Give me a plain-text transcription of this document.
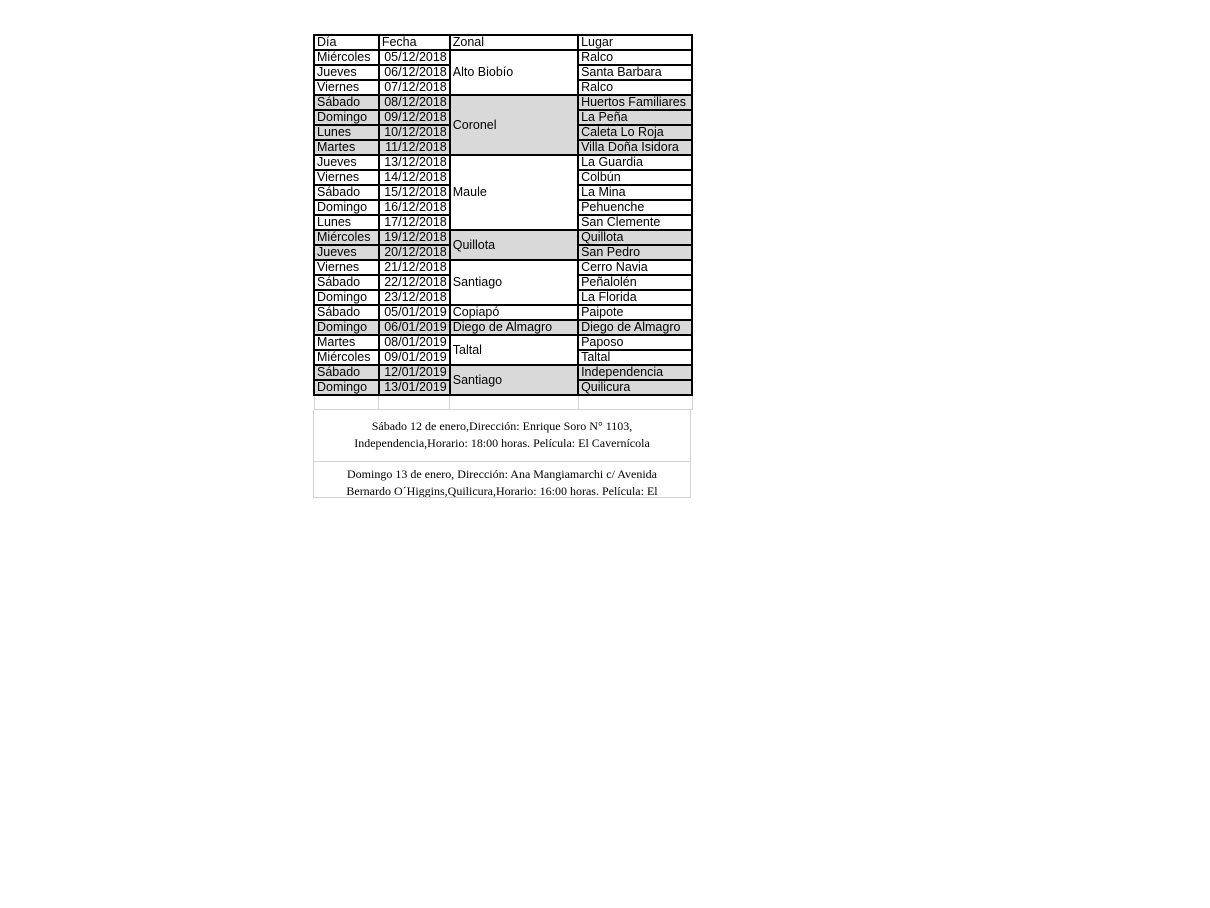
Día	Fecha	Zonal	Lugar
Miércoles	05/12/2018	Alto Biobío	Ralco
Jueves	06/12/2018		Santa Barbara
Viernes	07/12/2018		Ralco
Sábado	08/12/2018	Coronel	Huertos Familiares
Domingo	09/12/2018		La Peña
Lunes	10/12/2018		Caleta Lo Roja
Martes	11/12/2018		Villa Doña Isidora
Jueves	13/12/2018	Maule	La Guardia
Viernes	14/12/2018		Colbún
Sábado	15/12/2018		La Mina
Domingo	16/12/2018		Pehuenche
Lunes	17/12/2018		San Clemente
Miércoles	19/12/2018	Quillota	Quillota
Jueves	20/12/2018		San Pedro
Viernes	21/12/2018	Santiago	Cerro Navia
Sábado	22/12/2018		Peñalolén
Domingo	23/12/2018		La Florida
Sábado	05/01/2019	Copiapó	Paipote
Domingo	06/01/2019	Diego de Almagro	Diego de Almagro
Martes	08/01/2019	Taltal	Paposo
Miércoles	09/01/2019		Taltal
Sábado	12/01/2019	Santiago	Independencia
Domingo	13/01/2019		Quilicura

Sábado 12 de enero,Dirección: Enrique Soro N° 1103,
Independencia,Horario: 18:00 horas. Película: El Cavernícola
Domingo 13 de enero, Dirección: Ana Mangiamarchi c/ Avenida
Bernardo O´Higgins,Quilicura,Horario: 16:00 horas. Película: El
